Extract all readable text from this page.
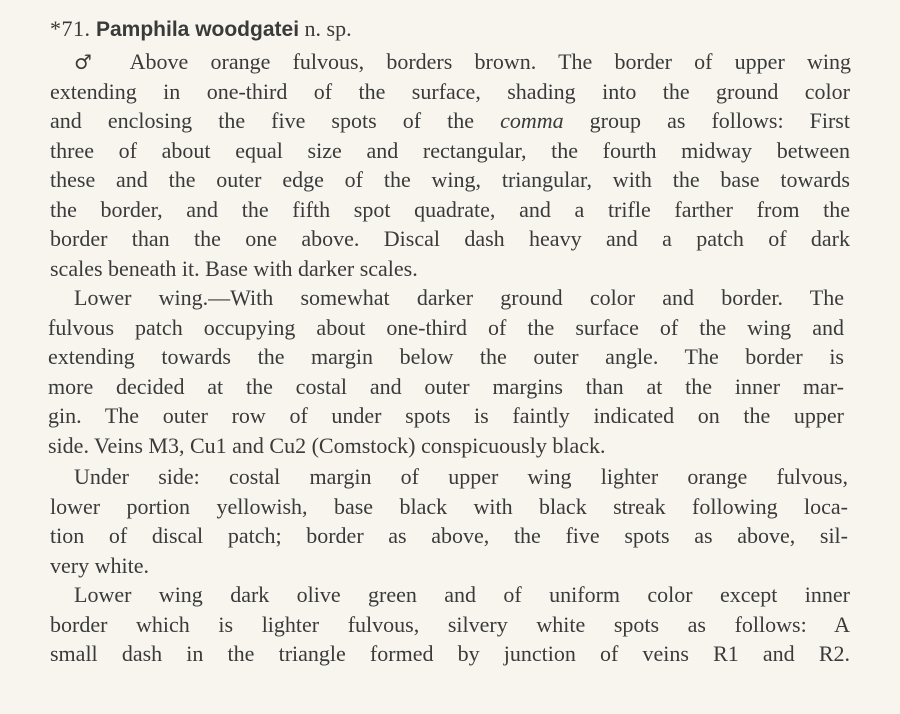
*71. Pamphila woodgatei n. sp.
♂ Above orange fulvous, borders brown. The border of upper wing
extending in one-third of the surface, shading into the ground color
and enclosing the five spots of the comma group as follows: First
three of about equal size and rectangular, the fourth midway between
these and the outer edge of the wing, triangular, with the base towards
the border, and the fifth spot quadrate, and a trifle farther from the
border than the one above. Discal dash heavy and a patch of dark
scales beneath it. Base with darker scales.
Lower wing.—With somewhat darker ground color and border. The
fulvous patch occupying about one-third of the surface of the wing and
extending towards the margin below the outer angle. The border is
more decided at the costal and outer margins than at the inner mar-
gin. The outer row of under spots is faintly indicated on the upper
side. Veins M3, Cu1 and Cu2 (Comstock) conspicuously black.
Under side: costal margin of upper wing lighter orange fulvous,
lower portion yellowish, base black with black streak following loca-
tion of discal patch; border as above, the five spots as above, sil-
very white.
Lower wing dark olive green and of uniform color except inner
border which is lighter fulvous, silvery white spots as follows: A
small dash in the triangle formed by junction of veins R1 and R2.
